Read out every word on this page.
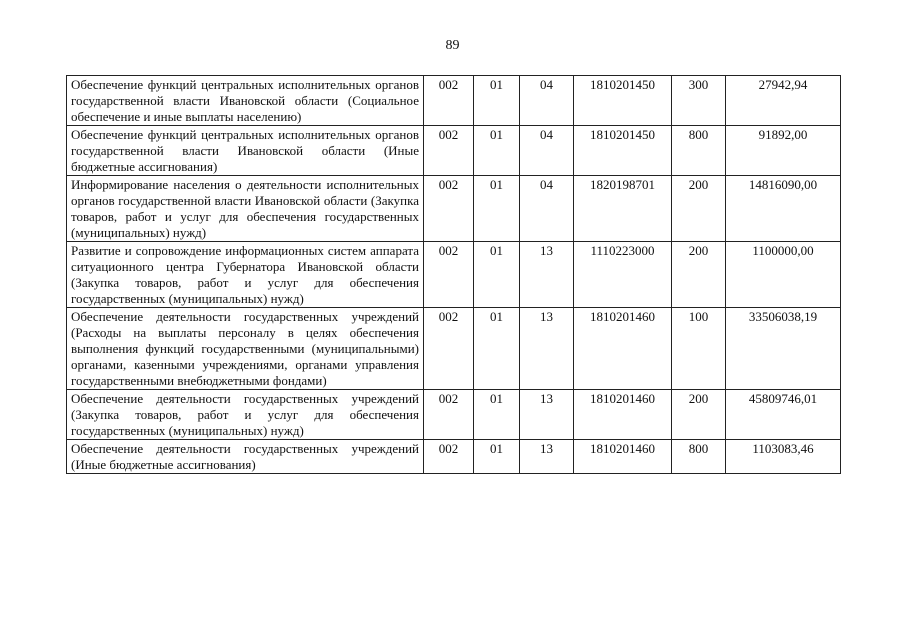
89
Обеспечение функций центральных исполнительных органов государственной власти Ивановской области (Социальное обеспечение и иные выплаты населению)	002	01	04	1810201450	300	27942,94
Обеспечение функций центральных исполнительных органов государственной власти Ивановской области (Иные бюджетные ассигнования)	002	01	04	1810201450	800	91892,00
Информирование населения о деятельности исполнительных органов государственной власти Ивановской области (Закупка товаров, работ и услуг для обеспечения государственных (муниципальных) нужд)	002	01	04	1820198701	200	14816090,00
Развитие и сопровождение информационных систем аппарата ситуационного центра Губернатора Ивановской области (Закупка товаров, работ и услуг для обеспечения государственных (муниципальных) нужд)	002	01	13	1110223000	200	1100000,00
Обеспечение деятельности государственных учреждений (Расходы на выплаты персоналу в целях обеспечения выполнения функций государственными (муниципальными) органами, казенными учреждениями, органами управления государственными внебюджетными фондами)	002	01	13	1810201460	100	33506038,19
Обеспечение деятельности государственных учреждений (Закупка товаров, работ и услуг для обеспечения государственных (муниципальных) нужд)	002	01	13	1810201460	200	45809746,01
Обеспечение деятельности государственных учреждений (Иные бюджетные ассигнования)	002	01	13	1810201460	800	1103083,46
